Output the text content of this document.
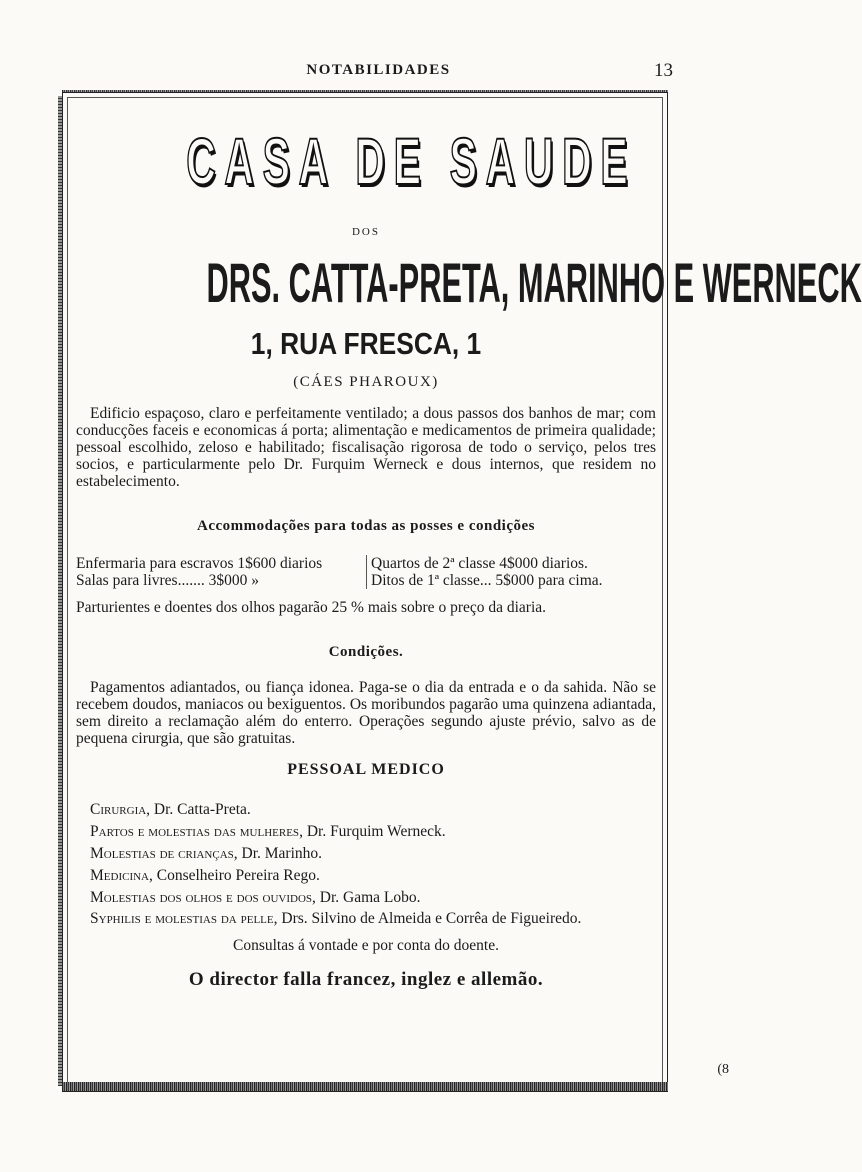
NOTABILIDADES	13
CASA DE SAUDE
DOS
DRS. CATTA-PRETA, MARINHO E WERNECK
1, RUA FRESCA, 1
(CÁES PHAROUX)

Edificio espaçoso, claro e perfeitamente ventilado; a dous passos dos banhos de mar; com conducções faceis e economicas á porta; alimentação e medicamentos de primeira qualidade; pessoal escolhido, zeloso e habilitado; fiscalisação rigorosa de todo o serviço, pelos tres socios, e particularmente pelo Dr. Furquim Werneck e dous internos, que residem no estabelecimento.

Accommodações para todas as posses e condições
Enfermaria para escravos 1$600 diarios	Quartos de 2ª classe 4$000 diarios.
Salas para livres....... 3$000 »	Ditos de 1ª classe... 5$000 para cima.

Parturientes e doentes dos olhos pagarão 25 % mais sobre o preço da diaria.

Condições.

Pagamentos adiantados, ou fiança idonea. Paga-se o dia da entrada e o da sahida. Não se recebem doudos, maniacos ou bexiguentos. Os moribundos pagarão uma quinzena adiantada, sem direito a reclamação além do enterro. Operações segundo ajuste prévio, salvo as de pequena cirurgia, que são gratuitas.

PESSOAL MEDICO
Cirurgia, Dr. Catta-Preta.
Partos e molestias das mulheres, Dr. Furquim Werneck.
Molestias de crianças, Dr. Marinho.
Medicina, Conselheiro Pereira Rego.
Molestias dos olhos e dos ouvidos, Dr. Gama Lobo.
Syphilis e molestias da pelle, Drs. Silvino de Almeida e Corrêa de Figueiredo.
Consultas á vontade e por conta do doente.
O director falla francez, inglez e allemão.
(8
